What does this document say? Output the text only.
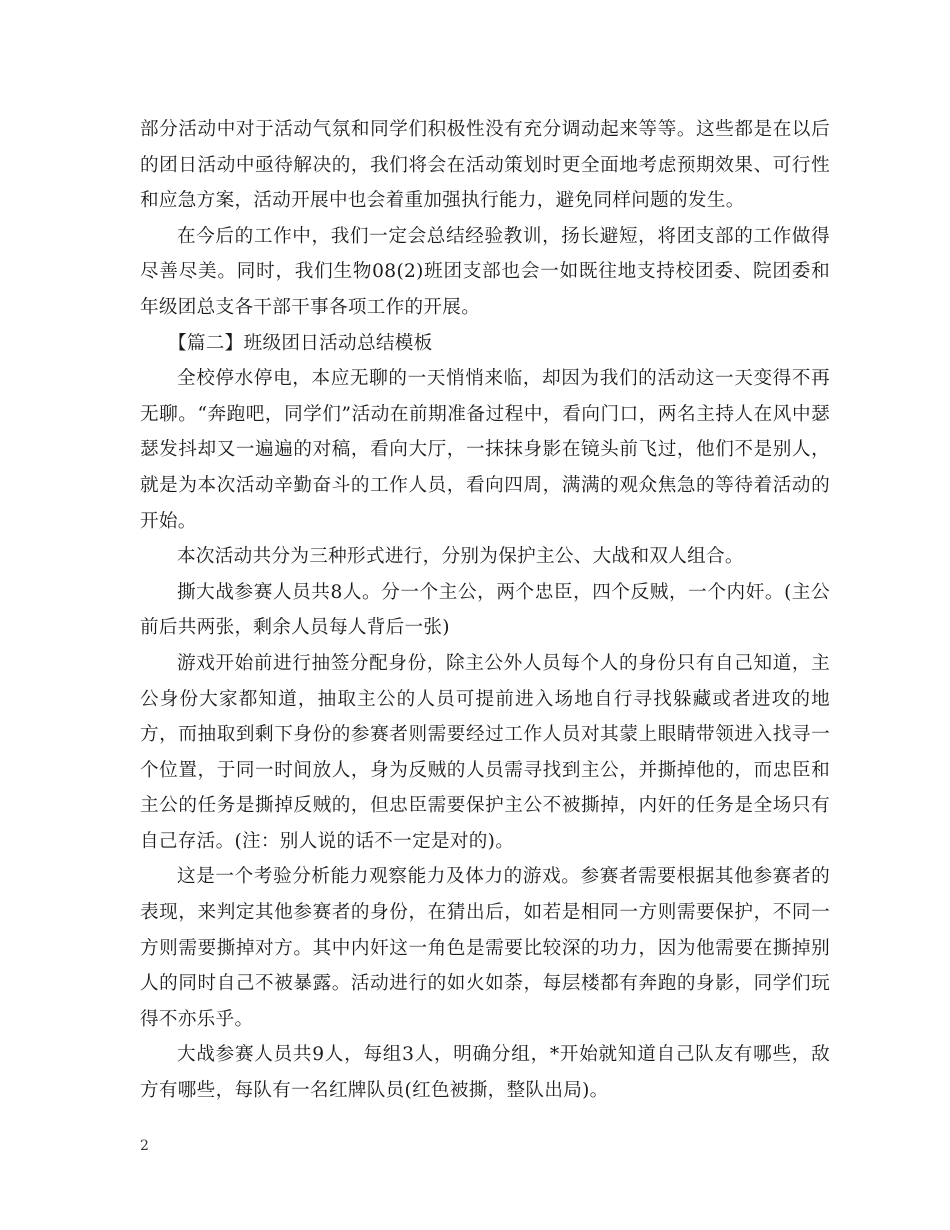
部分活动中对于活动气氛和同学们积极性没有充分调动起来等等。这些都是在以后的团日活动中亟待解决的，我们将会在活动策划时更全面地考虑预期效果、可行性和应急方案，活动开展中也会着重加强执行能力，避免同样问题的发生。

在今后的工作中，我们一定会总结经验教训，扬长避短，将团支部的工作做得尽善尽美。同时，我们生物08(2)班团支部也会一如既往地支持校团委、院团委和年级团总支各干部干事各项工作的开展。

【篇二】班级团日活动总结模板

全校停水停电，本应无聊的一天悄悄来临，却因为我们的活动这一天变得不再无聊。“奔跑吧，同学们”活动在前期准备过程中，看向门口，两名主持人在风中瑟瑟发抖却又一遍遍的对稿，看向大厅，一抹抹身影在镜头前飞过，他们不是别人，就是为本次活动辛勤奋斗的工作人员，看向四周，满满的观众焦急的等待着活动的开始。

本次活动共分为三种形式进行，分别为保护主公、大战和双人组合。

撕大战参赛人员共8人。分一个主公，两个忠臣，四个反贼，一个内奸。(主公前后共两张，剩余人员每人背后一张)

游戏开始前进行抽签分配身份，除主公外人员每个人的身份只有自己知道，主公身份大家都知道，抽取主公的人员可提前进入场地自行寻找躲藏或者进攻的地方，而抽取到剩下身份的参赛者则需要经过工作人员对其蒙上眼睛带领进入找寻一个位置，于同一时间放人，身为反贼的人员需寻找到主公，并撕掉他的，而忠臣和主公的任务是撕掉反贼的，但忠臣需要保护主公不被撕掉，内奸的任务是全场只有自己存活。(注：别人说的话不一定是对的)。

这是一个考验分析能力观察能力及体力的游戏。参赛者需要根据其他参赛者的表现，来判定其他参赛者的身份，在猜出后，如若是相同一方则需要保护，不同一方则需要撕掉对方。其中内奸这一角色是需要比较深的功力，因为他需要在撕掉别人的同时自己不被暴露。活动进行的如火如荼，每层楼都有奔跑的身影，同学们玩得不亦乐乎。

大战参赛人员共9人，每组3人，明确分组，*开始就知道自己队友有哪些，敌方有哪些，每队有一名红牌队员(红色被撕，整队出局)。

2
